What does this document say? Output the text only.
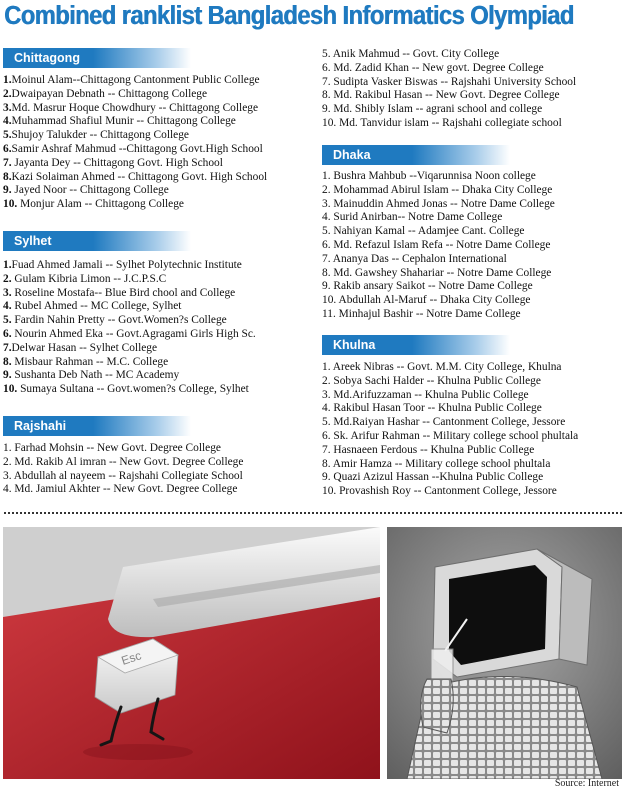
Combined ranklist Bangladesh Informatics Olympiad
Chittagong
1.Moinul Alam--Chittagong Cantonment Public College
2.Dwaipayan Debnath -- Chittagong College
3.Md. Masrur Hoque Chowdhury -- Chittagong College
4.Muhammad Shafiul Munir -- Chittagong College
5.Shujoy Talukder -- Chittagong College
6.Samir Ashraf Mahmud --Chittagong Govt.High School
7. Jayanta Dey -- Chittagong Govt. High School
8.Kazi Solaiman Ahmed -- Chittagong Govt. High School
9. Jayed Noor -- Chittagong College
10. Monjur Alam -- Chittagong College
Sylhet
1.Fuad Ahmed Jamali -- Sylhet Polytechnic Institute
2. Gulam Kibria Limon -- J.C.P.S.C
3. Roseline Mostafa-- Blue Bird chool and College
4. Rubel Ahmed -- MC College, Sylhet
5. Fardin Nahin Pretty -- Govt.Women?s College
6. Nourin Ahmed Eka -- Govt.Agragami Girls High Sc.
7.Delwar Hasan -- Sylhet College
8. Misbaur Rahman -- M.C. College
9. Sushanta Deb Nath -- MC Academy
10. Sumaya Sultana -- Govt.women?s College, Sylhet
Rajshahi
1. Farhad Mohsin -- New Govt. Degree College
2. Md. Rakib Al imran -- New Govt. Degree College
3. Abdullah al nayeem -- Rajshahi Collegiate School
4. Md. Jamiul Akhter -- New Govt. Degree College
5. Anik Mahmud -- Govt. City College
6. Md. Zadid Khan -- New govt. Degree College
7. Sudipta Vasker Biswas -- Rajshahi University School
8. Md. Rakibul Hasan -- New Govt. Degree College
9. Md. Shibly Islam -- agrani school and college
10. Md. Tanvidur islam -- Rajshahi collegiate school
Dhaka
1. Bushra Mahbub --Viqarunnisa Noon college
2. Mohammad Abirul Islam -- Dhaka City College
3. Mainuddin Ahmed Jonas -- Notre Dame College
4. Surid Anirban-- Notre Dame College
5. Nahiyan Kamal -- Adamjee Cant. College
6. Md. Refazul Islam Refa -- Notre Dame College
7. Ananya Das -- Cephalon International
8. Md. Gawshey Shahariar -- Notre Dame College
9. Rakib ansary Saikot -- Notre Dame College
10. Abdullah Al-Maruf -- Dhaka City College
11. Minhajul Bashir -- Notre Dame College
Khulna
1. Areek Nibras -- Govt. M.M. City College, Khulna
2. Sobya Sachi Halder -- Khulna Public College
3. Md.Arifuzzaman -- Khulna Public College
4. Rakibul Hasan Toor -- Khulna Public College
5. Md.Raiyan Hashar -- Cantonment College, Jessore
6. Sk. Arifur Rahman -- Military college school phultala
7. Hasnaeen Ferdous -- Khulna Public College
8. Amir Hamza -- Military college school phultala
9. Quazi Azizul Hassan --Khulna Public College
10. Provashish Roy -- Cantonment College, Jessore
Esc
Source: Internet
